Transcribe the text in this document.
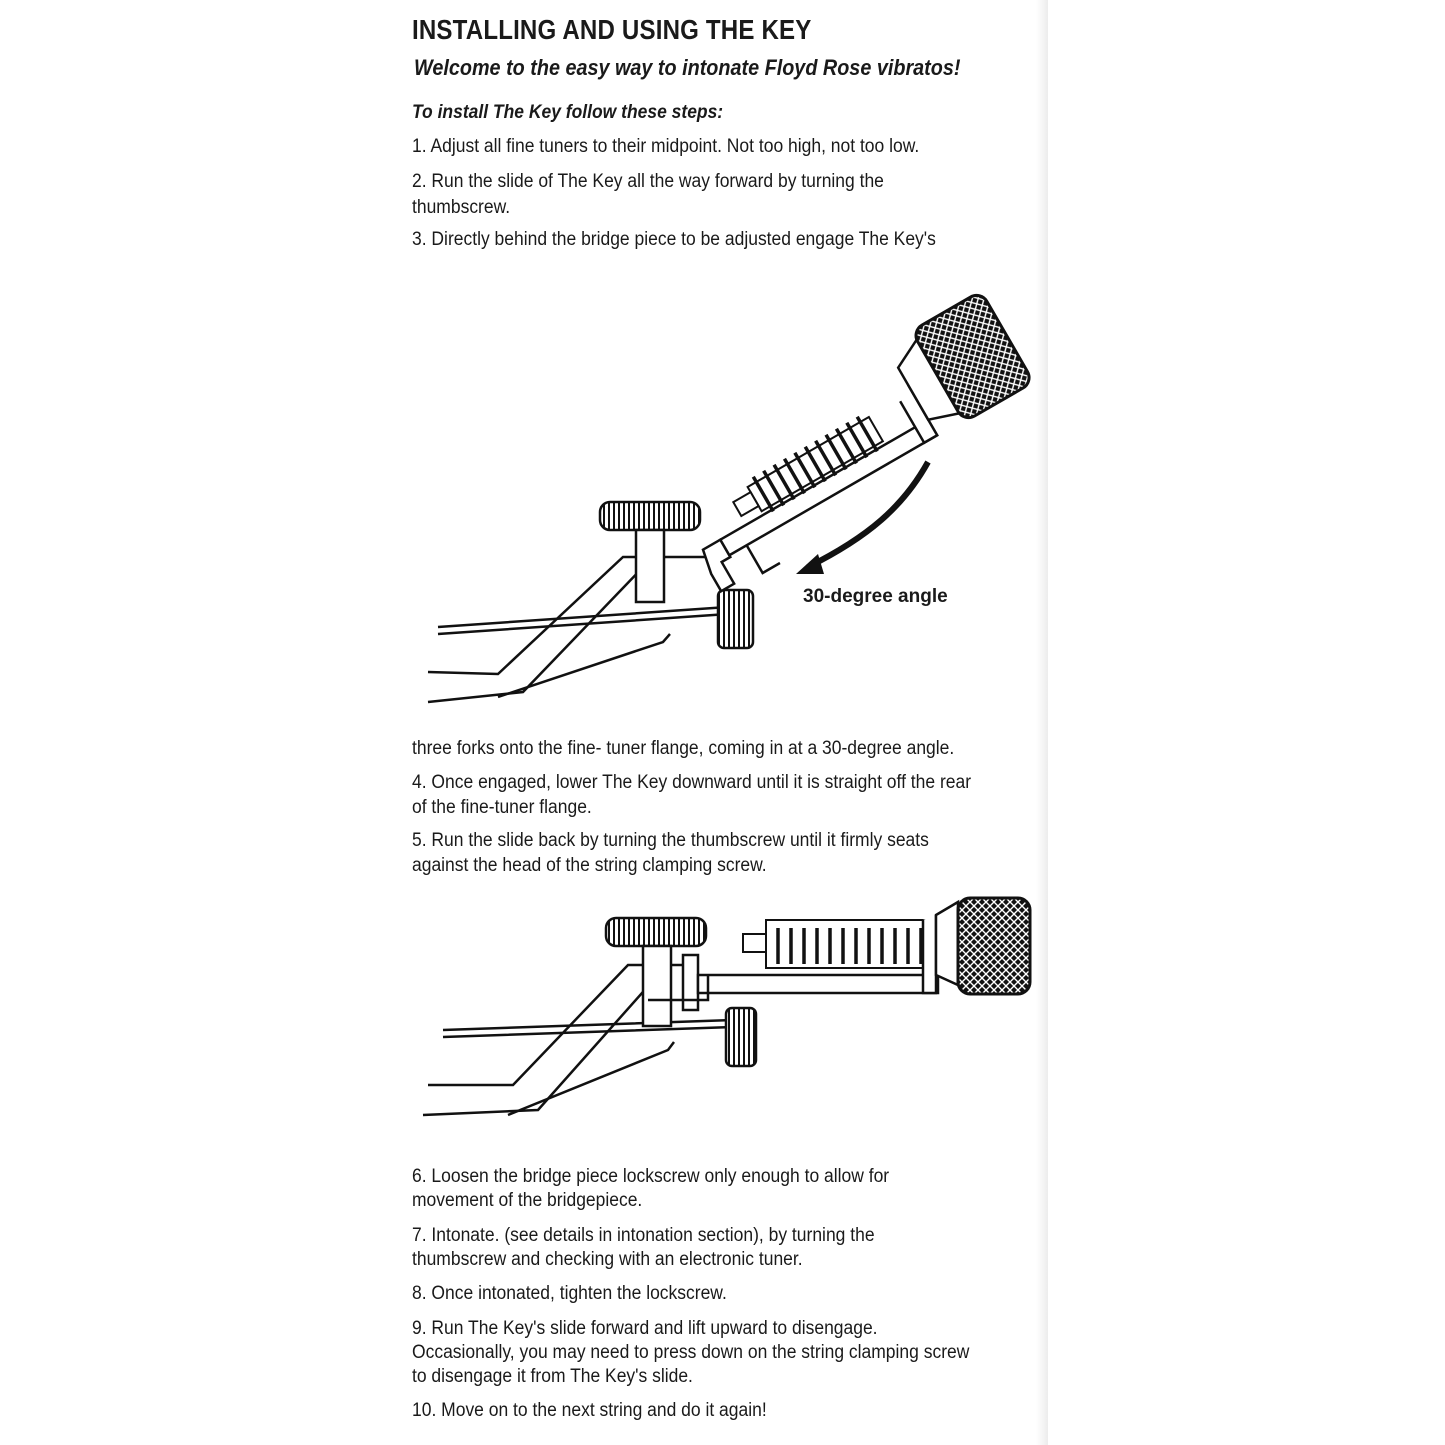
INSTALLING AND USING THE KEY
Welcome to the easy way to intonate Floyd Rose vibratos!
To install The Key follow these steps:
1. Adjust all fine tuners to their midpoint. Not too high, not too low.
2. Run the slide of The Key all the way forward by turning the
thumbscrew.
3. Directly behind the bridge piece to be adjusted engage The Key's
30-degree angle
three forks onto the fine- tuner flange, coming in at a 30-degree angle.
4. Once engaged, lower The Key downward until it is straight off the rear
of the fine-tuner flange.
5. Run the slide back by turning the thumbscrew until it firmly seats
against the head of the string clamping screw.
6. Loosen the bridge piece lockscrew only enough to allow for
movement of the bridgepiece.
7. Intonate. (see details in intonation section), by turning the
thumbscrew and checking with an electronic tuner.
8. Once intonated, tighten the lockscrew.
9. Run The Key's slide forward and lift upward to disengage.
Occasionally, you may need to press down on the string clamping screw
to disengage it from The Key's slide.
10. Move on to the next string and do it again!
